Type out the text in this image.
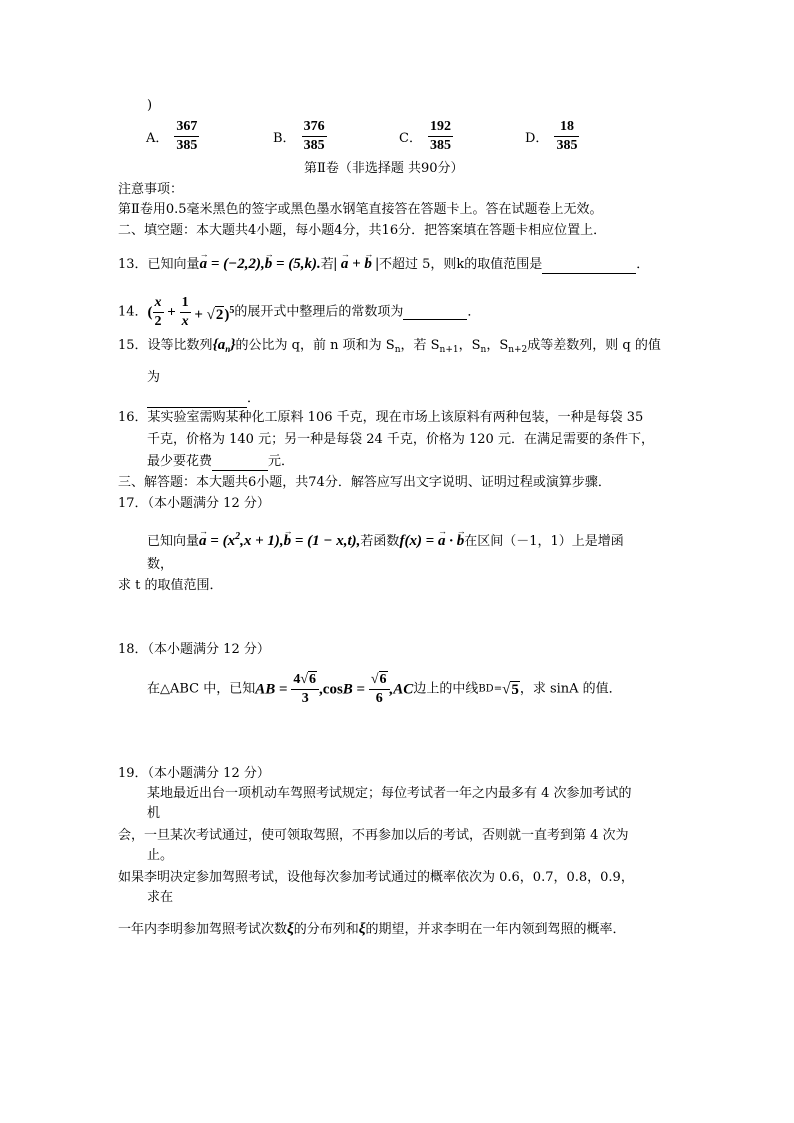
)
A． $\frac{367}{385}$	B． $\frac{376}{385}$	C． $\frac{192}{385}$	D． $\frac{18}{385}$
第Ⅱ卷（非选择题 共90分）
注意事项：
第Ⅱ卷用0.5毫米黑色的签字或黑色墨水钢笔直接答在答题卡上。答在试题卷上无效。
二、填空题：本大题共4小题，每小题4分，共16分．把答案填在答题卡相应位置上．
13．已知向量→ a = (−2,2),→ b = (5,k).若| → a + → b |不超过 5，则k的取值范围是	．
14．( $\frac{x}{2} + \frac{1}{x} + √2)^5$的展开式中整理后的常数项为	．
15．设等比数列$\{a_n\}$的公比为 q，前 n 项和为 $S_n$，若 $S_{n+1}$，$S_n$，$S_{n+2}$成等差数列，则 q 的值
为
．
16．某实验室需购某种化工原料 106 千克，现在市场上该原料有两种包装，一种是每袋 35
千克，价格为 140 元；另一种是每袋 24 千克，价格为 120 元．在满足需要的条件下，
最少要花费	元．
三、解答题：本大题共6小题，共74分．解答应写出文字说明、证明过程或演算步骤．
17．（本小题满分 12 分）
已知向量→ $a = (x^2,x + 1),\to b = (1 - x,t)$,若函数f(x) = → a · → b在区间（－1，1）上是增函
数，
求 t 的取值范围．
18．（本小题满分 12 分）
在△ABC 中，已知AB = $\frac{4√6}{3} ,\cos B = \frac{√6}{6} ,AC$边上的中线BD=√5，求 sinA 的值．
19．（本小题满分 12 分）
某地最近出台一项机动车驾照考试规定；每位考试者一年之内最多有 4 次参加考试的
机
会，一旦某次考试通过，使可领取驾照，不再参加以后的考试，否则就一直考到第 4 次为
止。
如果李明决定参加驾照考试，设他每次参加考试通过的概率依次为 0.6，0.7，0.8，0.9，
求在
一年内李明参加驾照考试次数ξ的分布列和ξ的期望，并求李明在一年内领到驾照的概率．
